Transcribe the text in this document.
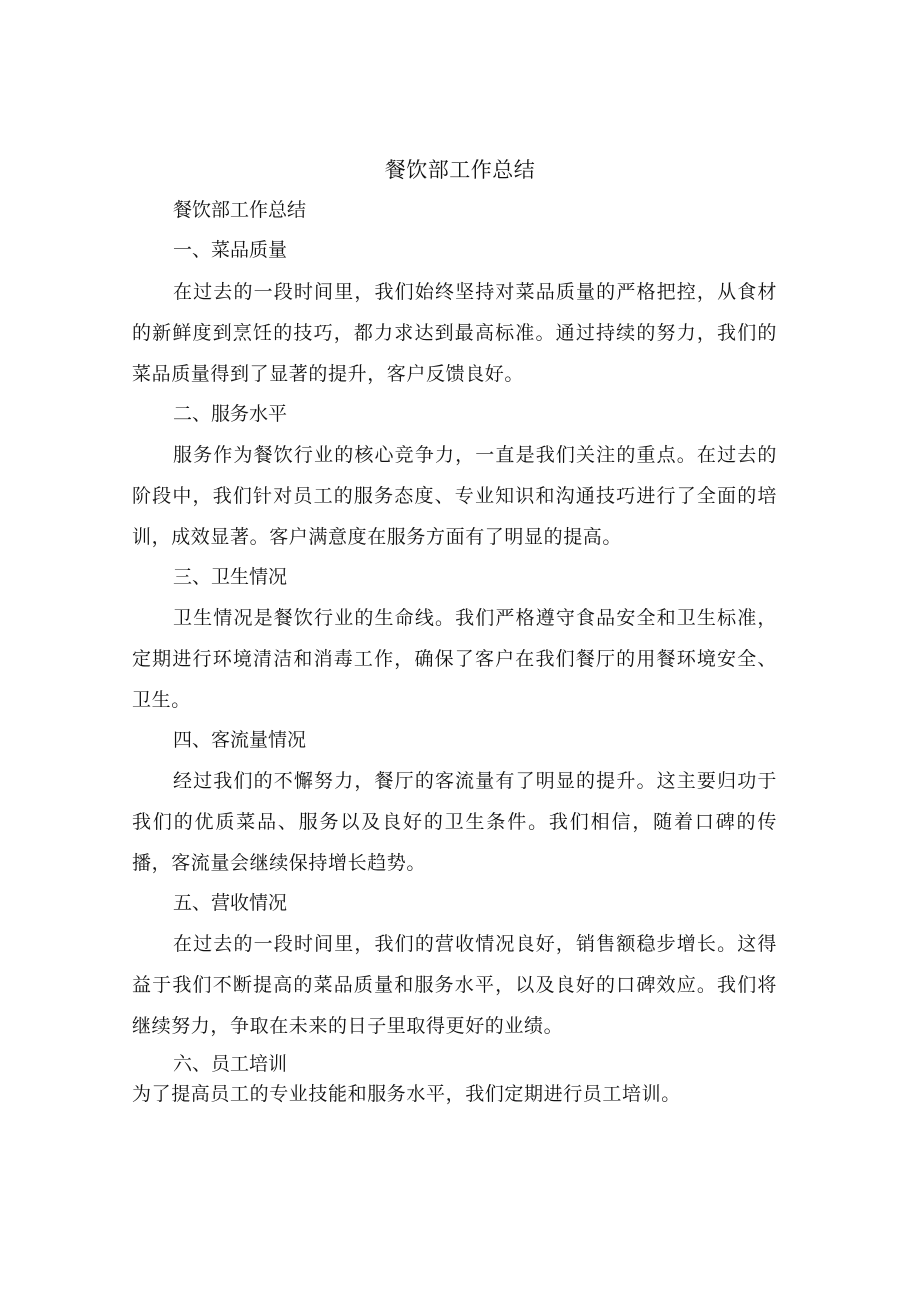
餐饮部工作总结
餐饮部工作总结
一、菜品质量

在过去的一段时间里，我们始终坚持对菜品质量的严格把控，从食材的新鲜度到烹饪的技巧，都力求达到最高标准。通过持续的努力，我们的菜品质量得到了显著的提升，客户反馈良好。

二、服务水平

服务作为餐饮行业的核心竞争力，一直是我们关注的重点。在过去的阶段中，我们针对员工的服务态度、专业知识和沟通技巧进行了全面的培训，成效显著。客户满意度在服务方面有了明显的提高。

三、卫生情况

卫生情况是餐饮行业的生命线。我们严格遵守食品安全和卫生标准，定期进行环境清洁和消毒工作，确保了客户在我们餐厅的用餐环境安全、卫生。

四、客流量情况

经过我们的不懈努力，餐厅的客流量有了明显的提升。这主要归功于我们的优质菜品、服务以及良好的卫生条件。我们相信，随着口碑的传播，客流量会继续保持增长趋势。

五、营收情况

在过去的一段时间里，我们的营收情况良好，销售额稳步增长。这得益于我们不断提高的菜品质量和服务水平，以及良好的口碑效应。我们将继续努力，争取在未来的日子里取得更好的业绩。

六、员工培训
为了提高员工的专业技能和服务水平，我们定期进行员工培训。
